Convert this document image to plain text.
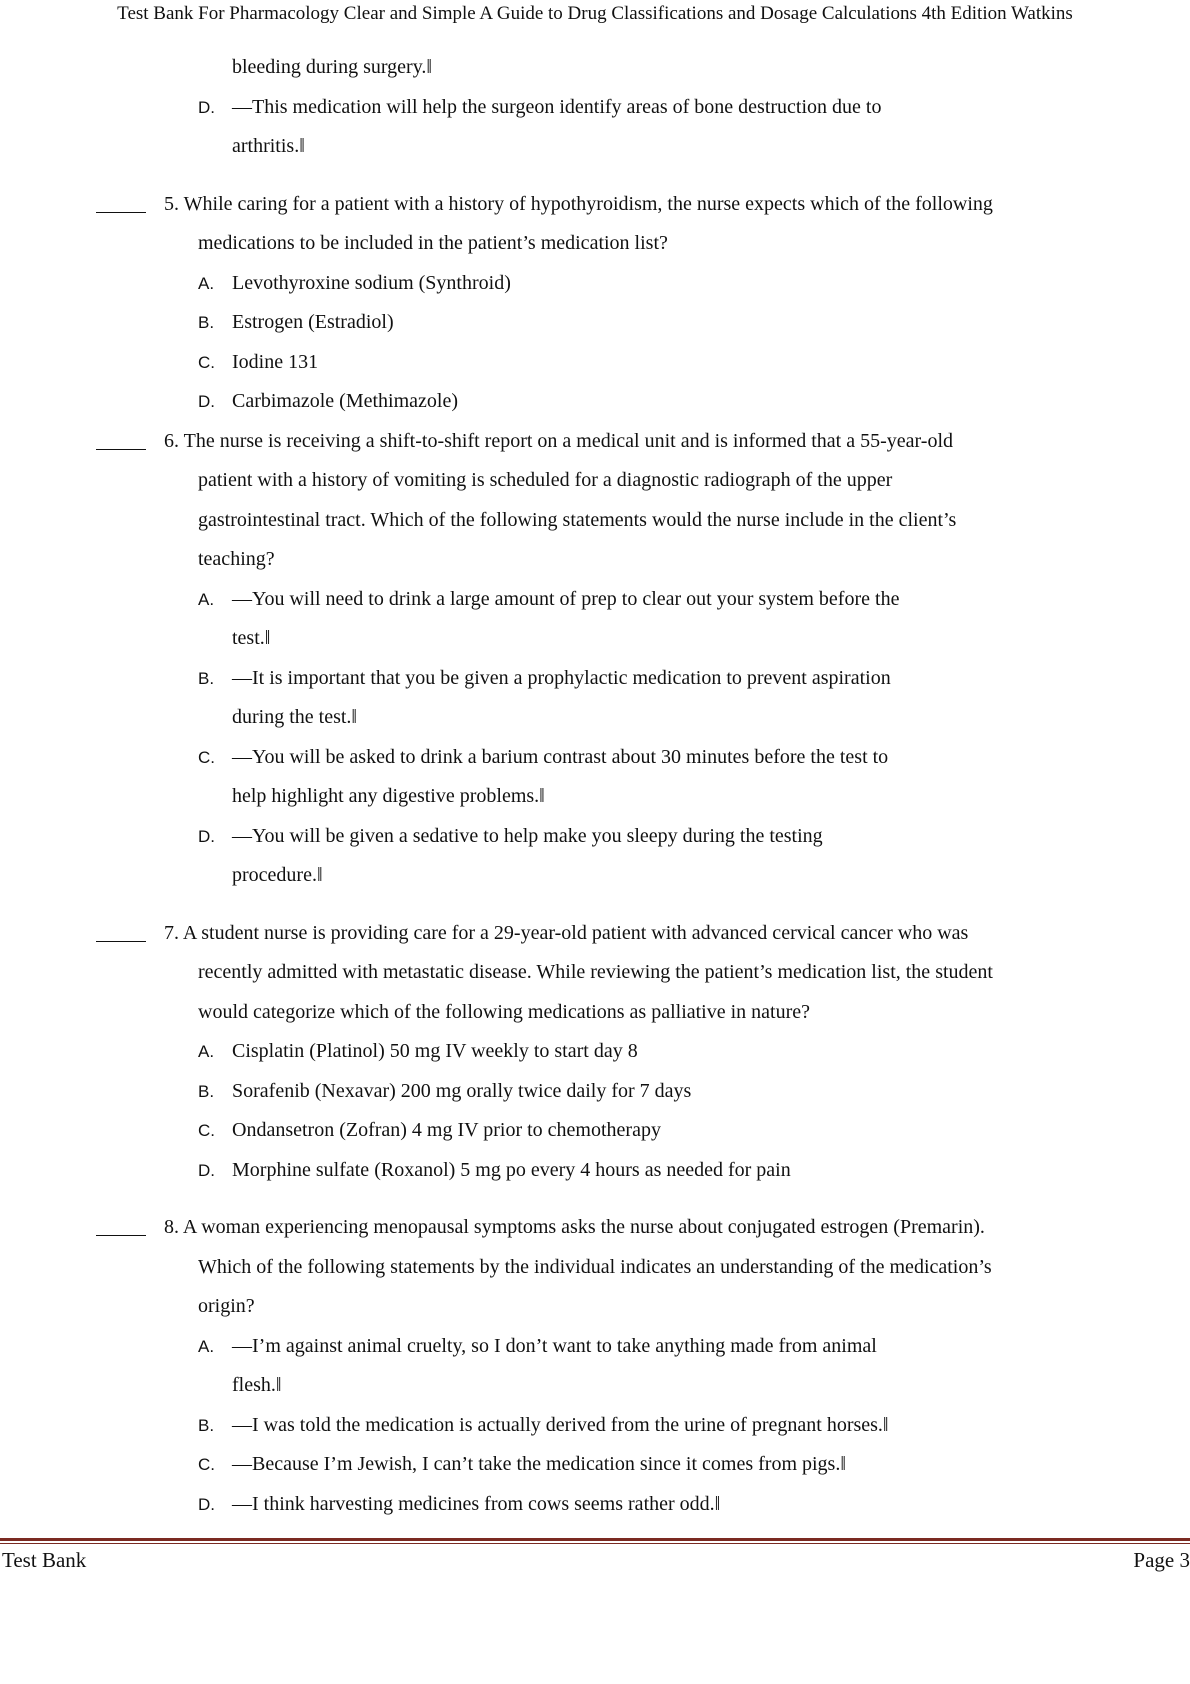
Test Bank For Pharmacology Clear and Simple A Guide to Drug Classifications and Dosage Calculations 4th Edition Watkins
bleeding during surgery.‖
D. —This medication will help the surgeon identify areas of bone destruction due to
arthritis.‖
5. While caring for a patient with a history of hypothyroidism, the nurse expects which of the following
medications to be included in the patient’s medication list?
A. Levothyroxine sodium (Synthroid)
B. Estrogen (Estradiol)
C. Iodine 131
D. Carbimazole (Methimazole)
6. The nurse is receiving a shift-to-shift report on a medical unit and is informed that a 55-year-old
patient with a history of vomiting is scheduled for a diagnostic radiograph of the upper
gastrointestinal tract. Which of the following statements would the nurse include in the client’s
teaching?
A. —You will need to drink a large amount of prep to clear out your system before the
test.‖
B. —It is important that you be given a prophylactic medication to prevent aspiration
during the test.‖
C. —You will be asked to drink a barium contrast about 30 minutes before the test to
help highlight any digestive problems.‖
D. —You will be given a sedative to help make you sleepy during the testing
procedure.‖
7. A student nurse is providing care for a 29-year-old patient with advanced cervical cancer who was
recently admitted with metastatic disease. While reviewing the patient’s medication list, the student
would categorize which of the following medications as palliative in nature?
A. Cisplatin (Platinol) 50 mg IV weekly to start day 8
B. Sorafenib (Nexavar) 200 mg orally twice daily for 7 days
C. Ondansetron (Zofran) 4 mg IV prior to chemotherapy
D. Morphine sulfate (Roxanol) 5 mg po every 4 hours as needed for pain
8. A woman experiencing menopausal symptoms asks the nurse about conjugated estrogen (Premarin).
Which of the following statements by the individual indicates an understanding of the medication’s
origin?
A. —I’m against animal cruelty, so I don’t want to take anything made from animal
flesh.‖
B. —I was told the medication is actually derived from the urine of pregnant horses.‖
C. —Because I’m Jewish, I can’t take the medication since it comes from pigs.‖
D. —I think harvesting medicines from cows seems rather odd.‖
Test Bank	Page 3
